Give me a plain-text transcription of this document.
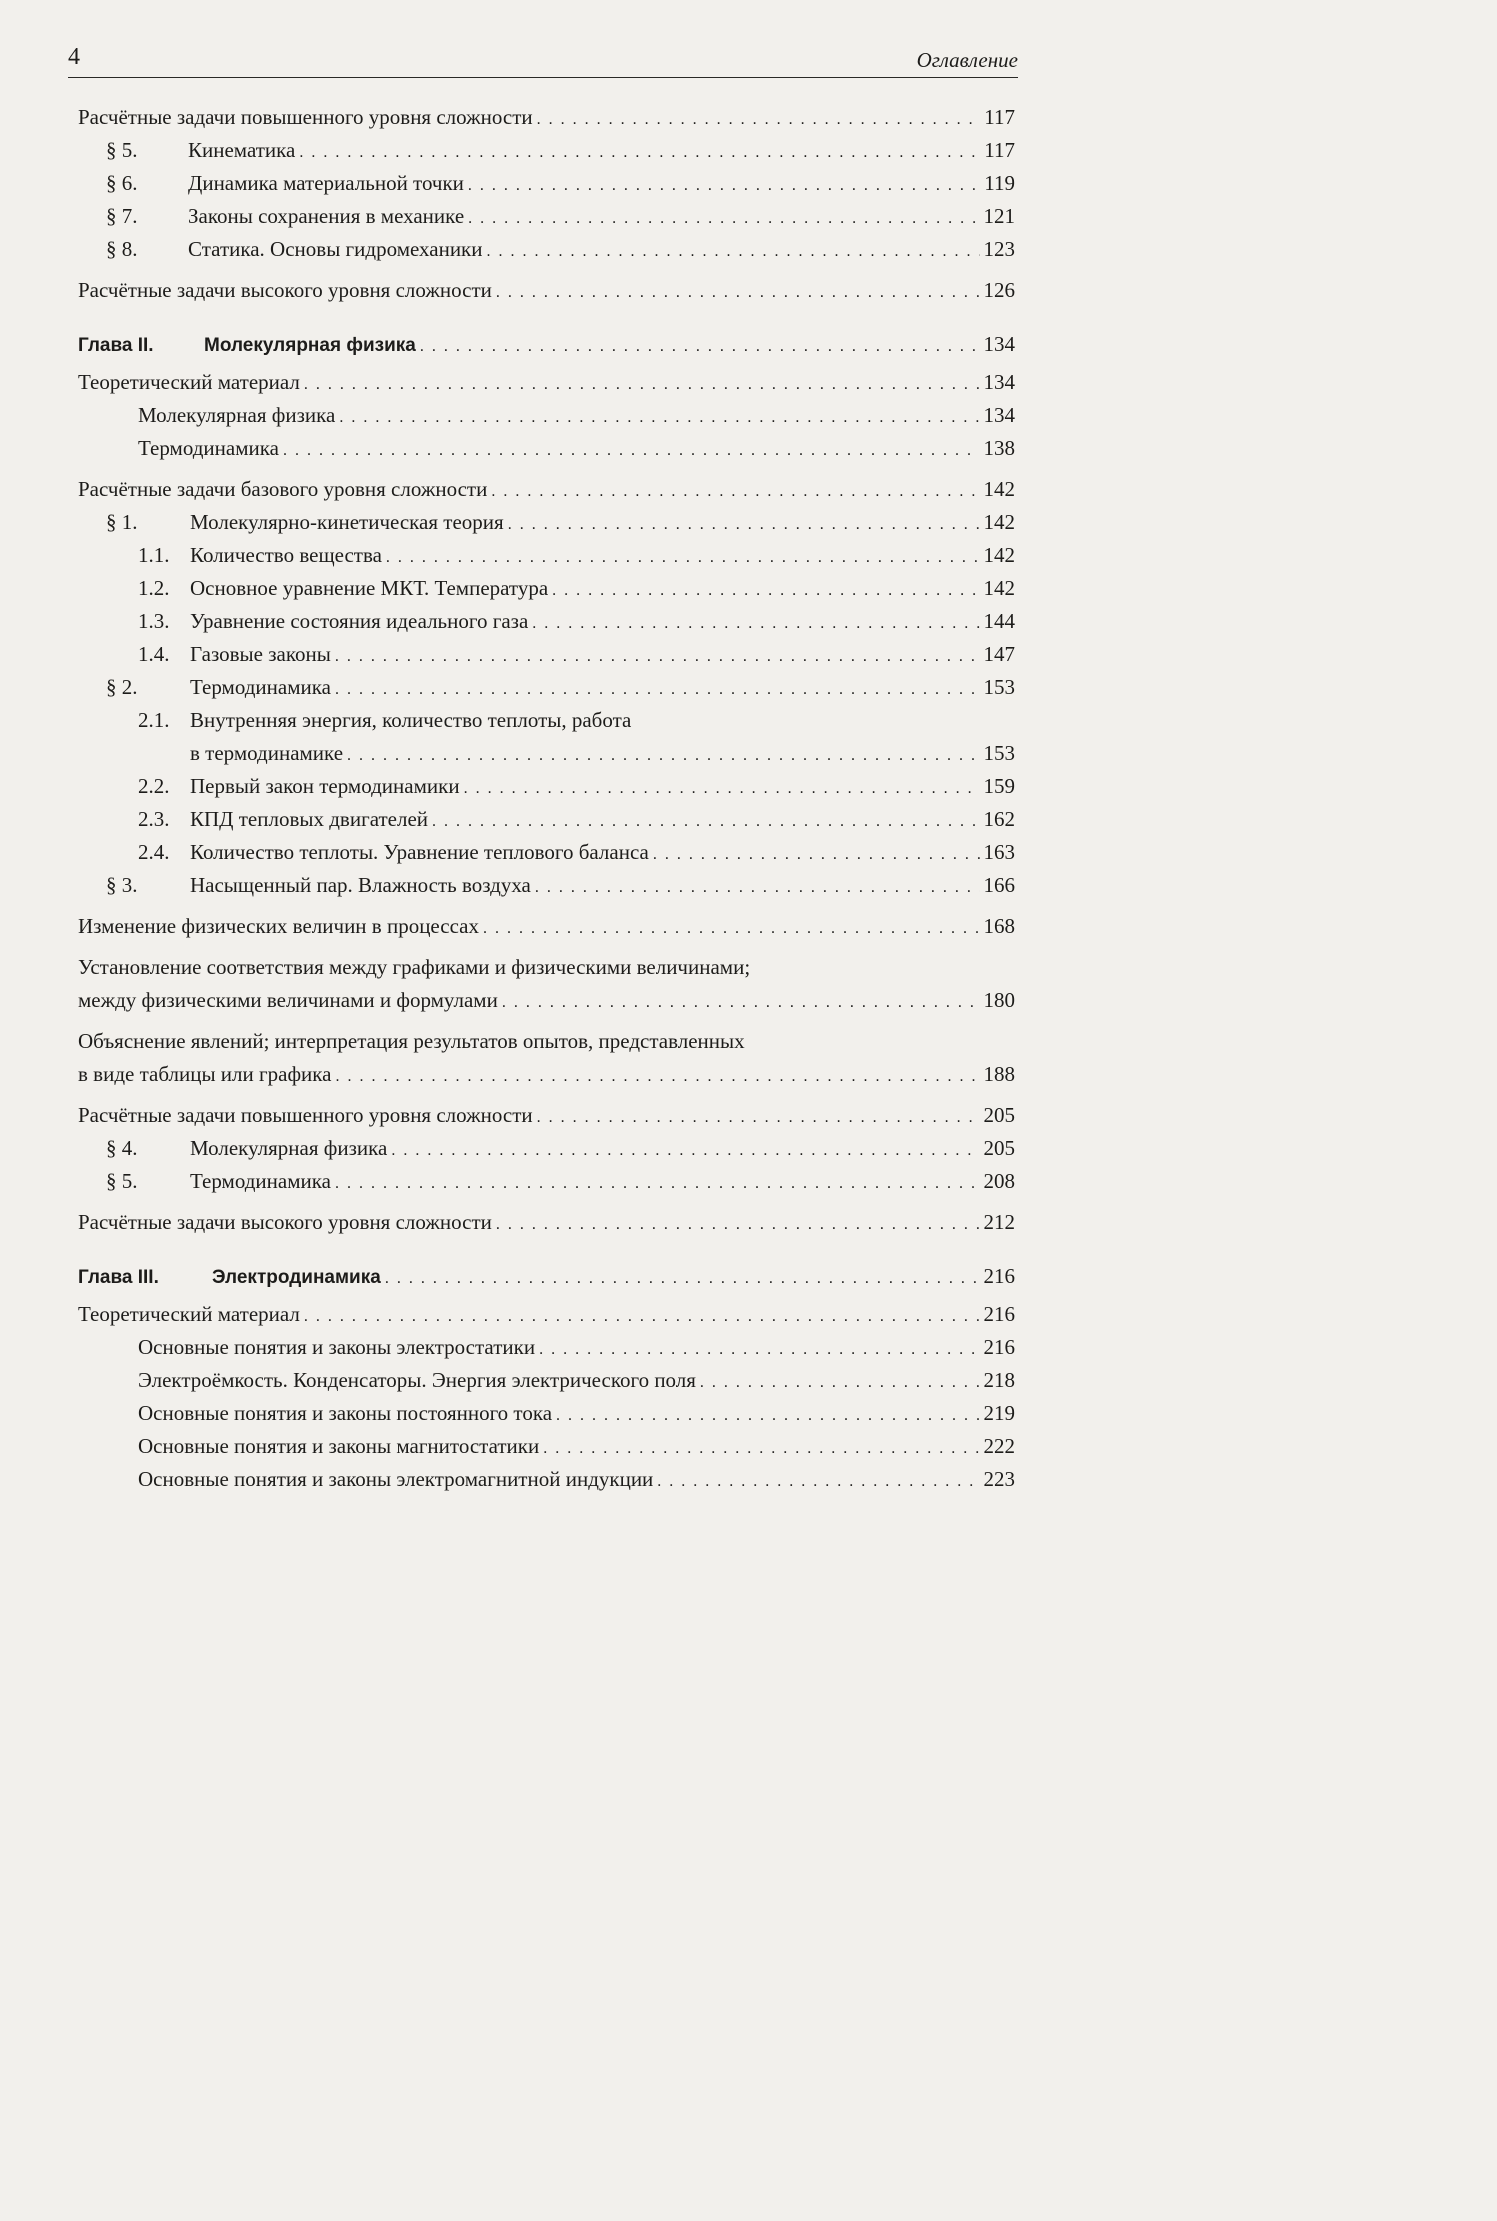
4	Оглавление
Расчётные задачи повышенного уровня сложности . . .	117
§ 5.	Кинематика . . .	117
§ 6.	Динамика материальной точки . . .	119
§ 7.	Законы сохранения в механике . . .	121
§ 8.	Статика. Основы гидромеханики . . .	123
Расчётные задачи высокого уровня сложности . . .	126
Глава II.	Молекулярная физика . . .	134
Теоретический материал . . .	134
Молекулярная физика . . .	134
Термодинамика . . .	138
Расчётные задачи базового уровня сложности . . .	142
§ 1.	Молекулярно-кинетическая теория . . .	142
1.1. Количество вещества . . .	142
1.2. Основное уравнение МКТ. Температура . . .	142
1.3. Уравнение состояния идеального газа . . .	144
1.4. Газовые законы . . .	147
§ 2.	Термодинамика . . .	153
2.1. Внутренняя энергия, количество теплоты, работа
в термодинамике . . .	153
2.2. Первый закон термодинамики . . .	159
2.3. КПД тепловых двигателей . . .	162
2.4. Количество теплоты. Уравнение теплового баланса . . .	163
§ 3.	Насыщенный пар. Влажность воздуха . . .	166
Изменение физических величин в процессах . . .	168
Установление соответствия между графиками и физическими величинами;
между физическими величинами и формулами . . .	180
Объяснение явлений; интерпретация результатов опытов, представленных
в виде таблицы или графика . . .	188
Расчётные задачи повышенного уровня сложности . . .	205
§ 4.	Молекулярная физика . . .	205
§ 5.	Термодинамика . . .	208
Расчётные задачи высокого уровня сложности . . .	212
Глава III.	Электродинамика . . .	216
Теоретический материал . . .	216
Основные понятия и законы электростатики . . .	216
Электроёмкость. Конденсаторы. Энергия электрического поля . . .	218
Основные понятия и законы постоянного тока . . .	219
Основные понятия и законы магнитостатики . . .	222
Основные понятия и законы электромагнитной индукции . . .	223
